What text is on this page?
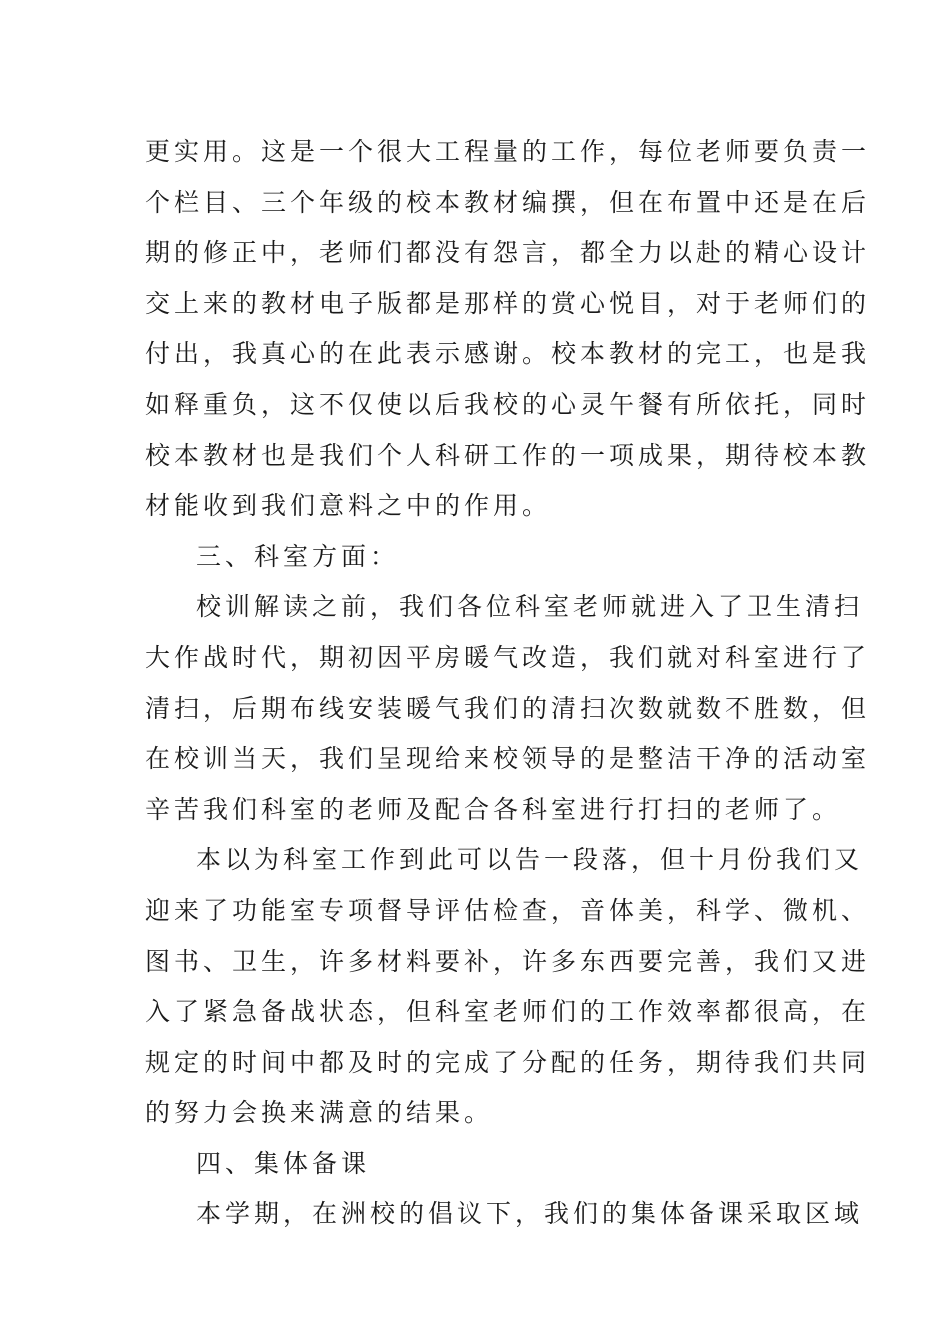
更实用。这是一个很大工程量的工作，每位老师要负责一
个栏目、三个年级的校本教材编撰，但在布置中还是在后
期的修正中，老师们都没有怨言，都全力以赴的精心设计
交上来的教材电子版都是那样的赏心悦目，对于老师们的
付出，我真心的在此表示感谢。校本教材的完工，也是我
如释重负，这不仅使以后我校的心灵午餐有所依托，同时
校本教材也是我们个人科研工作的一项成果，期待校本教
材能收到我们意料之中的作用。
三、科室方面：
校训解读之前，我们各位科室老师就进入了卫生清扫
大作战时代，期初因平房暖气改造，我们就对科室进行了
清扫，后期布线安装暖气我们的清扫次数就数不胜数，但
在校训当天，我们呈现给来校领导的是整洁干净的活动室
辛苦我们科室的老师及配合各科室进行打扫的老师了。
本以为科室工作到此可以告一段落，但十月份我们又
迎来了功能室专项督导评估检查，音体美，科学、微机、
图书、卫生，许多材料要补，许多东西要完善，我们又进
入了紧急备战状态，但科室老师们的工作效率都很高，在
规定的时间中都及时的完成了分配的任务，期待我们共同
的努力会换来满意的结果。
四、集体备课
本学期，在洲校的倡议下，我们的集体备课采取区域
